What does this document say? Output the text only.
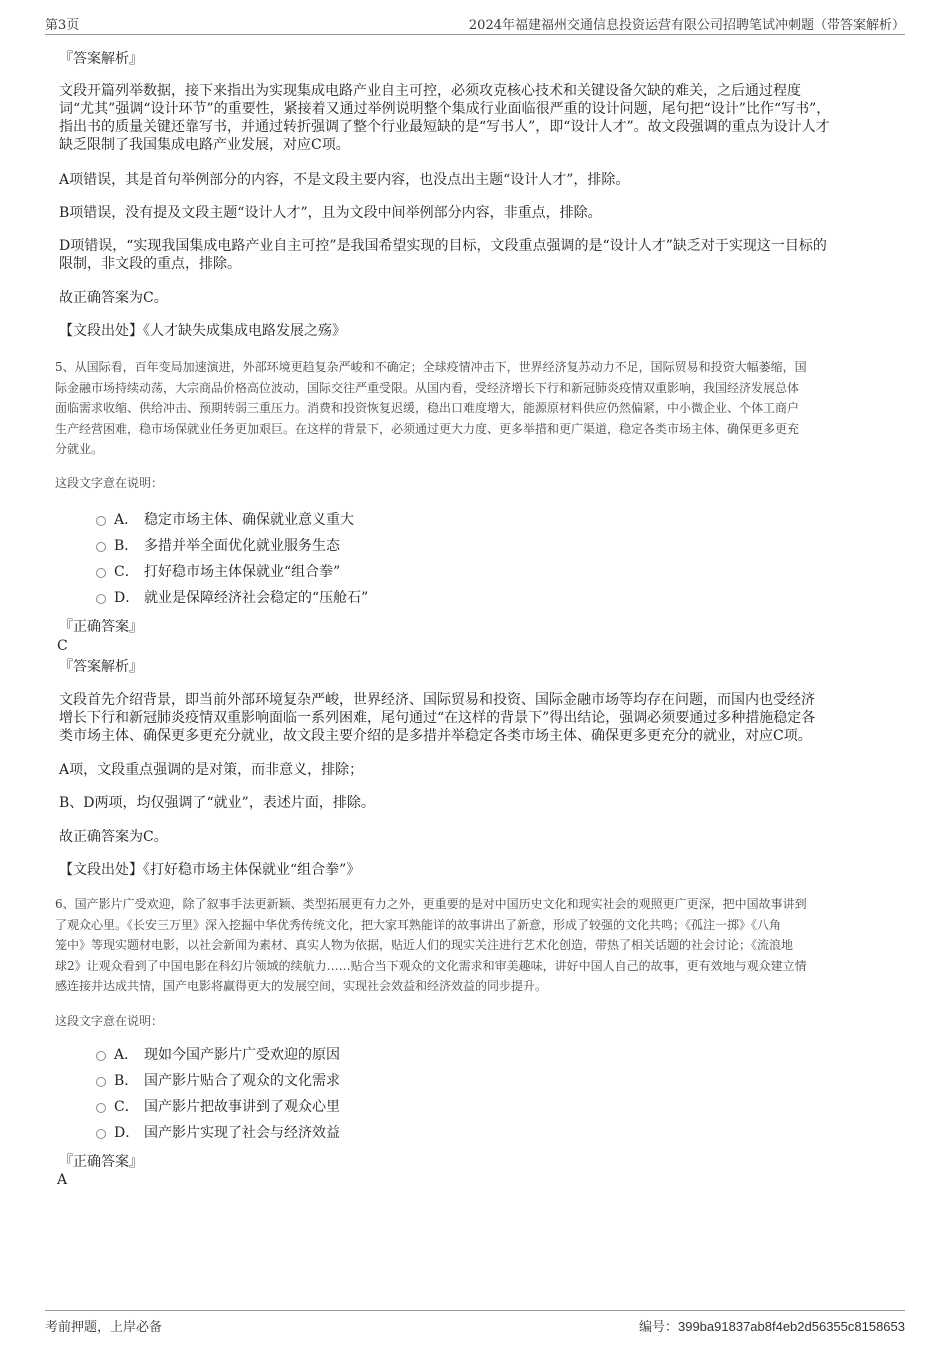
第3页	2024年福建福州交通信息投资运营有限公司招聘笔试冲刺题（带答案解析）

『答案解析』

文段开篇列举数据，接下来指出为实现集成电路产业自主可控，必须攻克核心技术和关键设备欠缺的难关，之后通过程度

词“尤其”强调“设计环节”的重要性，紧接着又通过举例说明整个集成行业面临很严重的设计问题，尾句把“设计”比作“写书”，

指出书的质量关键还靠写书，并通过转折强调了整个行业最短缺的是“写书人”，即“设计人才”。故文段强调的重点为设计人才

缺乏限制了我国集成电路产业发展，对应C项。

A项错误，其是首句举例部分的内容，不是文段主要内容，也没点出主题“设计人才”，排除。

B项错误，没有提及文段主题“设计人才”，且为文段中间举例部分内容，非重点，排除。

D项错误，“实现我国集成电路产业自主可控”是我国希望实现的目标，文段重点强调的是“设计人才”缺乏对于实现这一目标的

限制，非文段的重点，排除。

故正确答案为C。

【文段出处】《人才缺失成集成电路发展之殇》

5、从国际看，百年变局加速演进，外部环境更趋复杂严峻和不确定；全球疫情冲击下，世界经济复苏动力不足，国际贸易和投资大幅萎缩，国

际金融市场持续动荡，大宗商品价格高位波动，国际交往严重受限。从国内看，受经济增长下行和新冠肺炎疫情双重影响，我国经济发展总体

面临需求收缩、供给冲击、预期转弱三重压力。消费和投资恢复迟缓，稳出口难度增大，能源原材料供应仍然偏紧，中小微企业、个体工商户

生产经营困难，稳市场保就业任务更加艰巨。在这样的背景下，必须通过更大力度、更多举措和更广渠道，稳定各类市场主体、确保更多更充

分就业。

这段文字意在说明：

A． 稳定市场主体、确保就业意义重大
B． 多措并举全面优化就业服务生态
C． 打好稳市场主体保就业“组合拳”
D． 就业是保障经济社会稳定的“压舱石”

『正确答案』

C

『答案解析』

文段首先介绍背景，即当前外部环境复杂严峻，世界经济、国际贸易和投资、国际金融市场等均存在问题，而国内也受经济

增长下行和新冠肺炎疫情双重影响面临一系列困难，尾句通过“在这样的背景下”得出结论，强调必须要通过多种措施稳定各

类市场主体、确保更多更充分就业，故文段主要介绍的是多措并举稳定各类市场主体、确保更多更充分的就业，对应C项。

A项，文段重点强调的是对策，而非意义，排除；

B、D两项，均仅强调了“就业”，表述片面，排除。

故正确答案为C。

【文段出处】《打好稳市场主体保就业“组合拳”》

6、国产影片广受欢迎，除了叙事手法更新颖、类型拓展更有力之外，更重要的是对中国历史文化和现实社会的观照更广更深，把中国故事讲到

了观众心里。《长安三万里》深入挖掘中华优秀传统文化，把大家耳熟能详的故事讲出了新意，形成了较强的文化共鸣；《孤注一掷》《八角

笼中》等现实题材电影，以社会新闻为素材、真实人物为依据，贴近人们的现实关注进行艺术化创造，带热了相关话题的社会讨论；《流浪地

球2》让观众看到了中国电影在科幻片领域的续航力……贴合当下观众的文化需求和审美趣味，讲好中国人自己的故事，更有效地与观众建立情

感连接并达成共情，国产电影将赢得更大的发展空间，实现社会效益和经济效益的同步提升。

这段文字意在说明：

A． 现如今国产影片广受欢迎的原因
B． 国产影片贴合了观众的文化需求
C． 国产影片把故事讲到了观众心里
D． 国产影片实现了社会与经济效益

『正确答案』

A

考前押题，上岸必备	编号：399ba91837ab8f4eb2d56355c8158653
